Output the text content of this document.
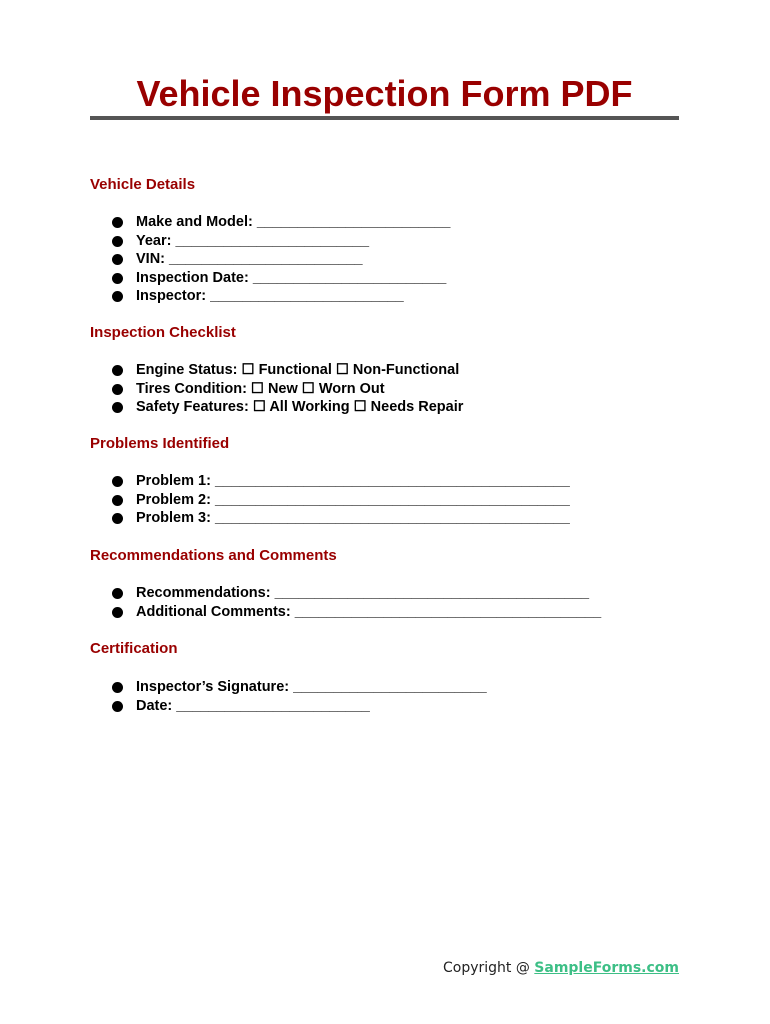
Vehicle Inspection Form PDF
Vehicle Details
Make and Model: ________________________
Year: ________________________
VIN: ________________________
Inspection Date: ________________________
Inspector: ________________________
Inspection Checklist
Engine Status: ☐ Functional ☐ Non-Functional
Tires Condition: ☐ New ☐ Worn Out
Safety Features: ☐ All Working ☐ Needs Repair
Problems Identified
Problem 1: ____________________________________________
Problem 2: ____________________________________________
Problem 3: ____________________________________________
Recommendations and Comments
Recommendations: _______________________________________
Additional Comments: ______________________________________
Certification
Inspector’s Signature: ________________________
Date: ________________________
Copyright @ SampleForms.com
